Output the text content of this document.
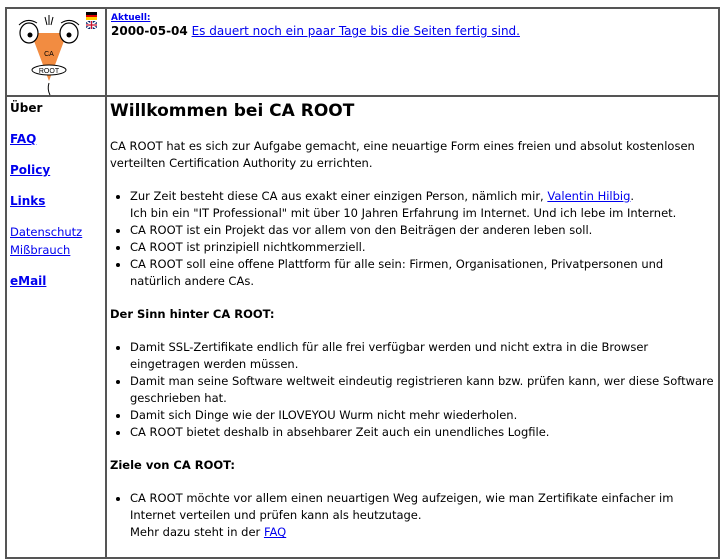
CA
ROOT

Aktuell:
2000-05-04 Es dauert noch ein paar Tage bis die Seiten fertig sind.

Über
FAQ
Policy
Links
Datenschutz
Mißbrauch
eMail

Willkommen bei CA ROOT

CA ROOT hat es sich zur Aufgabe gemacht, eine neuartige Form eines freien und absolut kostenlosen verteilten Certification Authority zu errichten.

• Zur Zeit besteht diese CA aus exakt einer einzigen Person, nämlich mir, Valentin Hilbig.
Ich bin ein "IT Professional" mit über 10 Jahren Erfahrung im Internet. Und ich lebe im Internet.
• CA ROOT ist ein Projekt das vor allem von den Beiträgen der anderen leben soll.
• CA ROOT ist prinzipiell nichtkommerziell.
• CA ROOT soll eine offene Plattform für alle sein: Firmen, Organisationen, Privatpersonen und natürlich andere CAs.
Der Sinn hinter CA ROOT:
• Damit SSL-Zertifikate endlich für alle frei verfügbar werden und nicht extra in die Browser eingetragen werden müssen.
• Damit man seine Software weltweit eindeutig registrieren kann bzw. prüfen kann, wer diese Software geschrieben hat.
• Damit sich Dinge wie der ILOVEYOU Wurm nicht mehr wiederholen.
• CA ROOT bietet deshalb in absehbarer Zeit auch ein unendliches Logfile.
Ziele von CA ROOT:
• CA ROOT möchte vor allem einen neuartigen Weg aufzeigen, wie man Zertifikate einfacher im Internet verteilen und prüfen kann als heutzutage.
Mehr dazu steht in der FAQ
